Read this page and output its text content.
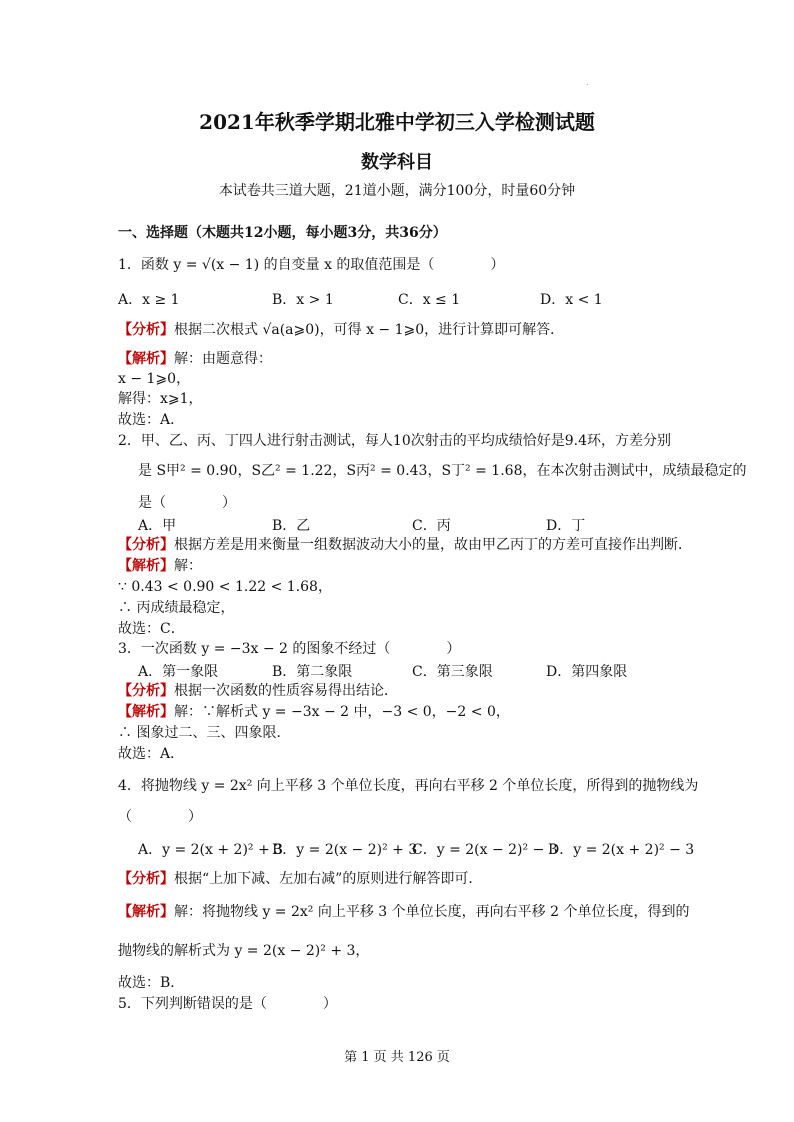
.
2021年秋季学期北雅中学初三入学检测试题
数学科目
本试卷共三道大题，21道小题，满分100分，时量60分钟
一、选择题（木题共12小题，每小题3分，共36分）
1．函数 y = √(x − 1) 的自变量 x 的取值范围是（　　　　）
A．x ≥ 1	B．x > 1	C．x ≤ 1	D．x < 1
【分析】根据二次根式 √a(a⩾0)，可得 x − 1⩾0，进行计算即可解答．
【解析】解：由题意得：
x − 1⩾0，
解得：x⩾1，
故选：A．
2．甲、乙、丙、丁四人进行射击测试，每人10次射击的平均成绩恰好是9.4环，方差分别
是 S甲² = 0.90，S乙² = 1.22，S丙² = 0.43，S丁² = 1.68，在本次射击测试中，成绩最稳定的
是（　　　　）
A．甲	B．乙	C．丙	D．丁
【分析】根据方差是用来衡量一组数据波动大小的量，故由甲乙丙丁的方差可直接作出判断．
【解析】解：
∵ 0.43 < 0.90 < 1.22 < 1.68，
∴ 丙成绩最稳定，
故选：C．
3．一次函数 y = −3x − 2 的图象不经过（　　　　）
A．第一象限	B．第二象限	C．第三象限	D．第四象限
【分析】根据一次函数的性质容易得出结论．
【解析】解：∵解析式 y = −3x − 2 中，−3 < 0，−2 < 0，
∴ 图象过二、三、四象限．
故选：A．
4．将抛物线 y = 2x² 向上平移 3 个单位长度，再向右平移 2 个单位长度，所得到的抛物线为
（　　　　）
A．y = 2(x + 2)² + 3
B．y = 2(x − 2)² + 3
C．y = 2(x − 2)² − 3
D．y = 2(x + 2)² − 3
【分析】根据“上加下减、左加右减”的原则进行解答即可．
【解析】解：将抛物线 y = 2x² 向上平移 3 个单位长度，再向右平移 2 个单位长度，得到的
抛物线的解析式为 y = 2(x − 2)² + 3，
故选：B．
5．下列判断错误的是（　　　　）
第 1 页 共 126 页
